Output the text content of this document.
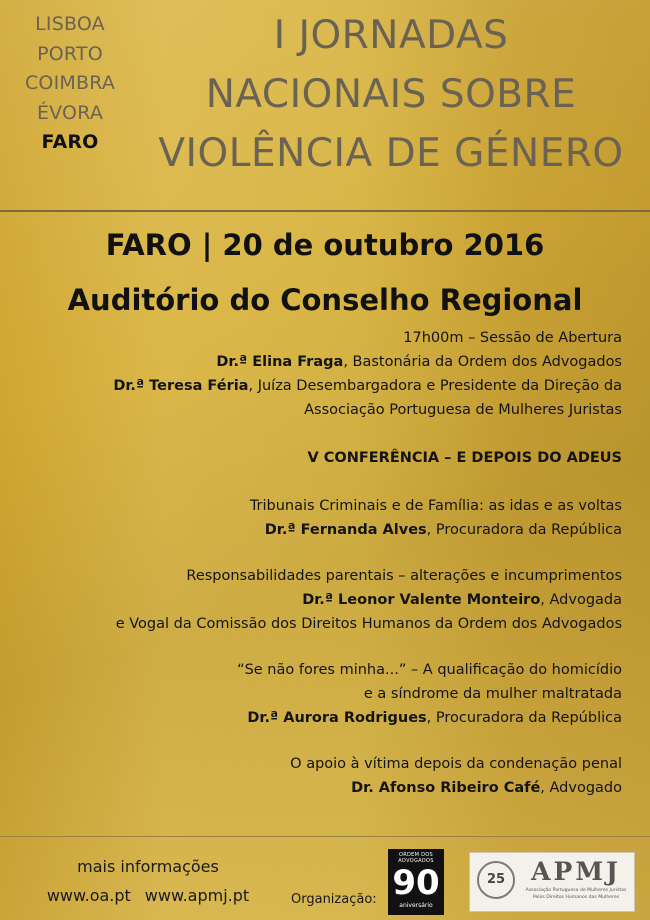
LISBOA
PORTO
COIMBRA
ÉVORA
FARO
I JORNADAS
NACIONAIS SOBRE
VIOLÊNCIA DE GÉNERO
FARO | 20 de outubro 2016
Auditório do Conselho Regional
17h00m – Sessão de Abertura
Dr.ª Elina Fraga, Bastonária da Ordem dos Advogados
Dr.ª Teresa Féria, Juíza Desembargadora e Presidente da Direção da
Associação Portuguesa de Mulheres Juristas
V CONFERÊNCIA – E DEPOIS DO ADEUS
Tribunais Criminais e de Família: as idas e as voltas
Dr.ª Fernanda Alves, Procuradora da República
Responsabilidades parentais – alterações e incumprimentos
Dr.ª Leonor Valente Monteiro, Advogada
e Vogal da Comissão dos Direitos Humanos da Ordem dos Advogados
“Se não fores minha...” – A qualificação do homicídio
e a síndrome da mulher maltratada
Dr.ª Aurora Rodrigues, Procuradora da República
O apoio à vítima depois da condenação penal
Dr. Afonso Ribeiro Café, Advogado
mais informações
www.oa.pt www.apmj.pt	Organização:
ORDEM DOS ADVOGADOS
90
aniversário
25	APMJ
Associação Portuguesa de Mulheres Juristas
Pelos Direitos Humanos das Mulheres
